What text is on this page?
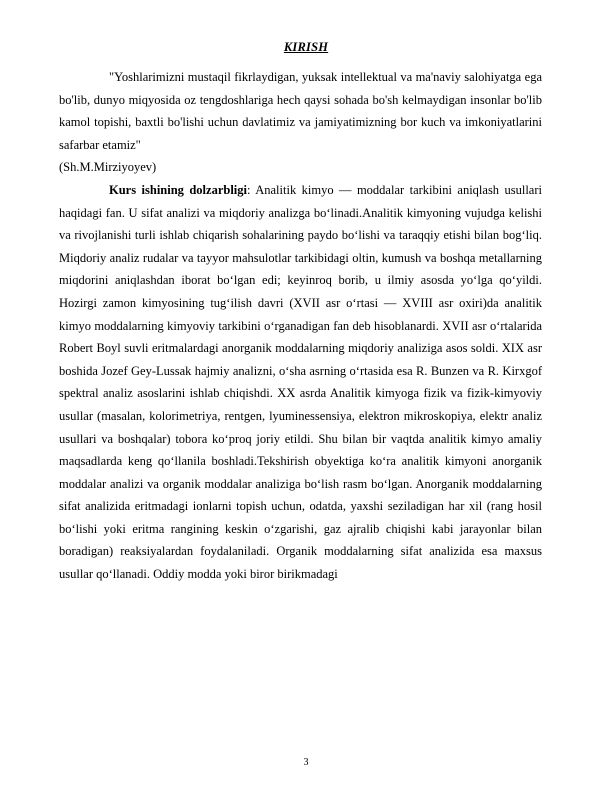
KIRISH

"Yoshlarimizni mustaqil fikrlaydigan, yuksak intellektual va ma'naviy salohiyatga ega bo'lib, dunyo miqyosida oz tengdoshlariga hech qaysi sohada bo'sh kelmaydigan insonlar bo'lib kamol topishi, baxtli bo'lishi uchun davlatimiz va jamiyatimizning bor kuch va imkoniyatlarini safarbar etamiz"

(Sh.M.Mirziyoyev)

Kurs ishining dolzarbligi: Analitik kimyo — moddalar tarkibini aniqlash usullari haqidagi fan. U sifat analizi va miqdoriy analizga boʻlinadi.Analitik kimyoning vujudga kelishi va rivojlanishi turli ishlab chiqarish sohalarining paydo boʻlishi va taraqqiy etishi bilan bogʻliq. Miqdoriy analiz rudalar va tayyor mahsulotlar tarkibidagi oltin, kumush va boshqa metallarning miqdorini aniqlashdan iborat boʻlgan edi; keyinroq borib, u ilmiy asosda yoʻlga qoʻyildi. Hozirgi zamon kimyosining tugʻilish davri (XVII asr oʻrtasi — XVIII asr oxiri)da analitik kimyo moddalarning kimyoviy tarkibini oʻrganadigan fan deb hisoblanardi. XVII asr oʻrtalarida Robert Boyl suvli eritmalardagi anorganik moddalarning miqdoriy analiziga asos soldi. XIX asr boshida Jozef Gey-Lussak hajmiy analizni, oʻsha asrning oʻrtasida esa R. Bunzen va R. Kirxgof spektral analiz asoslarini ishlab chiqishdi. XX asrda Analitik kimyoga fizik va fizik-kimyoviy usullar (masalan, kolorimetriya, rentgen, lyuminessensiya, elektron mikroskopiya, elektr analiz usullari va boshqalar) tobora koʻproq joriy etildi. Shu bilan bir vaqtda analitik kimyo amaliy maqsadlarda keng qoʻllanila boshladi.Tekshirish obyektiga koʻra analitik kimyoni anorganik moddalar analizi va organik moddalar analiziga boʻlish rasm boʻlgan. Anorganik moddalarning sifat analizida eritmadagi ionlarni topish uchun, odatda, yaxshi seziladigan har xil (rang hosil boʻlishi yoki eritma rangining keskin oʻzgarishi, gaz ajralib chiqishi kabi jarayonlar bilan boradigan) reaksiyalardan foydalaniladi. Organik moddalarning sifat analizida esa maxsus usullar qoʻllanadi. Oddiy modda yoki biror birikmadagi

3
